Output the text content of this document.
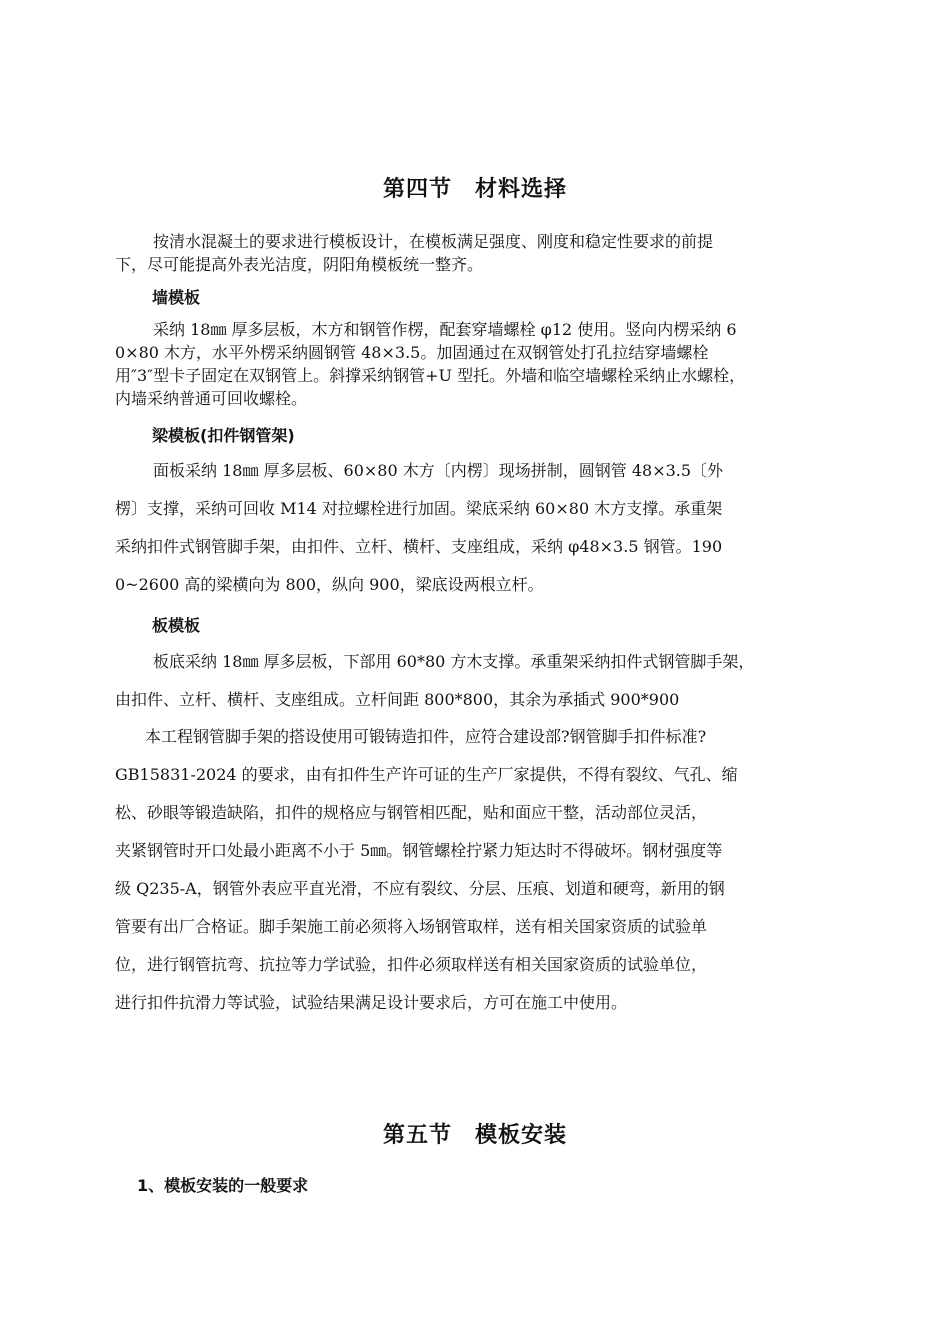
第四节　材料选择
按清水混凝土的要求进行模板设计，在模板满足强度、刚度和稳定性要求的前提
下，尽可能提高外表光洁度，阴阳角模板统一整齐。
墙模板
采纳 18㎜ 厚多层板，木方和钢管作楞，配套穿墙螺栓 φ12 使用。竖向内楞采纳 6
0×80 木方，水平外楞采纳圆钢管 48×3.5。加固通过在双钢管处打孔拉结穿墙螺栓
用″3″型卡子固定在双钢管上。斜撑采纳钢管+U 型托。外墙和临空墙螺栓采纳止水螺栓，
内墙采纳普通可回收螺栓。
梁模板(扣件钢管架)
面板采纳 18㎜ 厚多层板、60×80 木方〔内楞〕现场拼制，圆钢管 48×3.5〔外
楞〕支撑，采纳可回收 M14 对拉螺栓进行加固。梁底采纳 60×80 木方支撑。承重架
采纳扣件式钢管脚手架，由扣件、立杆、横杆、支座组成，采纳 φ48×3.5 钢管。190
0~2600 高的梁横向为 800，纵向 900，梁底设两根立杆。
板模板
板底采纳 18㎜ 厚多层板，下部用 60*80 方木支撑。承重架采纳扣件式钢管脚手架，
由扣件、立杆、横杆、支座组成。立杆间距 800*800，其余为承插式 900*900
本工程钢管脚手架的搭设使用可锻铸造扣件，应符合建设部?钢管脚手扣件标准?
GB15831-2024 的要求，由有扣件生产许可证的生产厂家提供，不得有裂纹、气孔、缩
松、砂眼等锻造缺陷，扣件的规格应与钢管相匹配，贴和面应干整，活动部位灵活，
夹紧钢管时开口处最小距离不小于 5㎜。钢管螺栓拧紧力矩达时不得破坏。钢材强度等
级 Q235-A，钢管外表应平直光滑，不应有裂纹、分层、压痕、划道和硬弯，新用的钢
管要有出厂合格证。脚手架施工前必须将入场钢管取样，送有相关国家资质的试验单
位，进行钢管抗弯、抗拉等力学试验，扣件必须取样送有相关国家资质的试验单位，
进行扣件抗滑力等试验，试验结果满足设计要求后，方可在施工中使用。
第五节　模板安装
1、模板安装的一般要求
